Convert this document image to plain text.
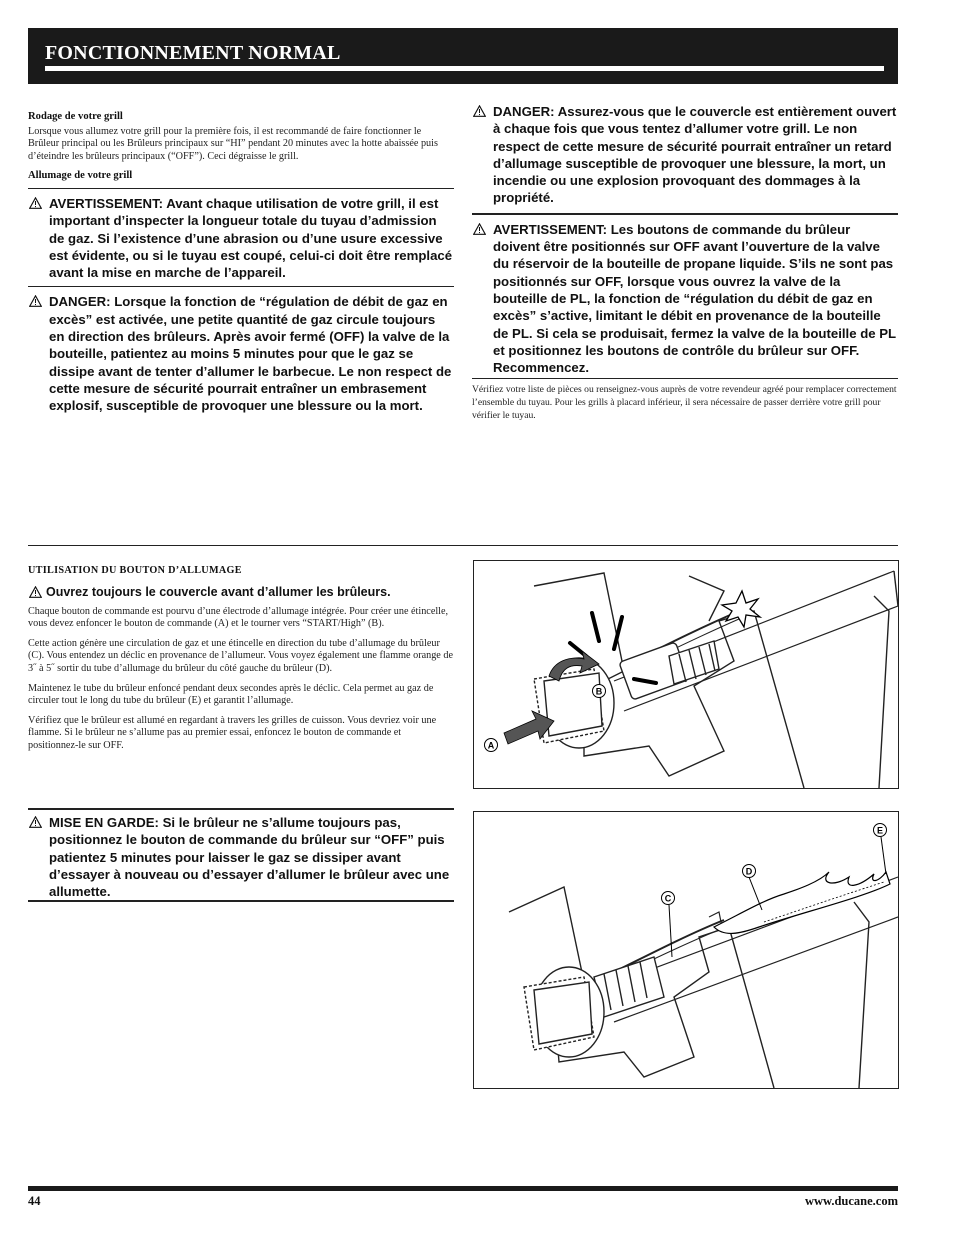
FONCTIONNEMENT NORMAL

Rodage de votre grill

Lorsque vous allumez votre grill pour la première fois, il est recommandé de faire fonctionner le Brûleur principal ou les Brûleurs principaux sur “HI” pendant 20 minutes avec la hotte abaissée puis d’éteindre les brûleurs principaux (“OFF”). Ceci dégraisse le grill.

Allumage de votre grill

AVERTISSEMENT: Avant chaque utilisation de votre grill, il est important d’inspecter la longueur totale du tuyau d’admission de gaz. Si l’existence d’une abrasion ou d’une usure excessive est évidente, ou si le tuyau est coupé, celui-ci doit être remplacé avant la mise en marche de l’appareil.
DANGER: Lorsque la fonction de “régulation de débit de gaz en excès” est activée, une petite quantité de gaz circule toujours en direction des brûleurs. Après avoir fermé (OFF) la valve de la bouteille, patientez au moins 5 minutes pour que le gaz se dissipe avant de tenter d’allumer le barbecue. Le non respect de cette mesure de sécurité pourrait entraîner un embrasement explosif, susceptible de provoquer une blessure ou la mort.
DANGER: Assurez-vous que le couvercle est entièrement ouvert à chaque fois que vous tentez d’allumer votre grill. Le non respect de cette mesure de sécurité pourrait entraîner un retard d’allumage susceptible de provoquer une blessure, la mort, un incendie ou une explosion provoquant des dommages à la propriété.
AVERTISSEMENT: Les boutons de commande du brûleur doivent être positionnés sur OFF avant l’ouverture de la valve du réservoir de la bouteille de propane liquide. S’ils ne sont pas positionnés sur OFF, lorsque vous ouvrez la valve de la bouteille de PL, la fonction de “régulation du débit de gaz en excès” s’active, limitant le débit en provenance de la bouteille de PL. Si cela se produisait, fermez la valve de la bouteille de PL et positionnez les boutons de contrôle du brûleur sur OFF. Recommencez.

Vérifiez votre liste de pièces ou renseignez-vous auprès de votre revendeur agréé pour remplacer correctement l’ensemble du tuyau. Pour les grills à placard inférieur, il sera nécessaire de passer derrière votre grill pour vérifier le tuyau.

UTILISATION DU BOUTON D’ALLUMAGE

Ouvrez toujours le couvercle avant d’allumer les brûleurs.

Chaque bouton de commande est pourvu d’une électrode d’allumage intégrée. Pour créer une étincelle, vous devez enfoncer le bouton de commande (A) et le tourner vers “START/High” (B).

Cette action génère une circulation de gaz et une étincelle en direction du tube d’allumage du brûleur (C). Vous entendez un déclic en provenance de l’allumeur. Vous voyez également une flamme orange de 3˝ à 5˝ sortir du tube d’allumage du brûleur du côté gauche du brûleur (D).

Maintenez le tube du brûleur enfoncé pendant deux secondes après le déclic. Cela permet au gaz de circuler tout le long du tube du brûleur (E) et garantit l’allumage.

Vérifiez que le brûleur est allumé en regardant à travers les grilles de cuisson. Vous devriez voir une flamme. Si le brûleur ne s’allume pas au premier essai, enfoncez le bouton de commande et positionnez-le sur OFF.

MISE EN GARDE: Si le brûleur ne s’allume toujours pas, positionnez le bouton de commande du brûleur sur “OFF” puis patientez 5 minutes pour laisser le gaz se dissiper avant d’essayer à nouveau ou d’essayer d’allumer le brûleur avec une allumette.
B
A
C
D
E
44	www.ducane.com
